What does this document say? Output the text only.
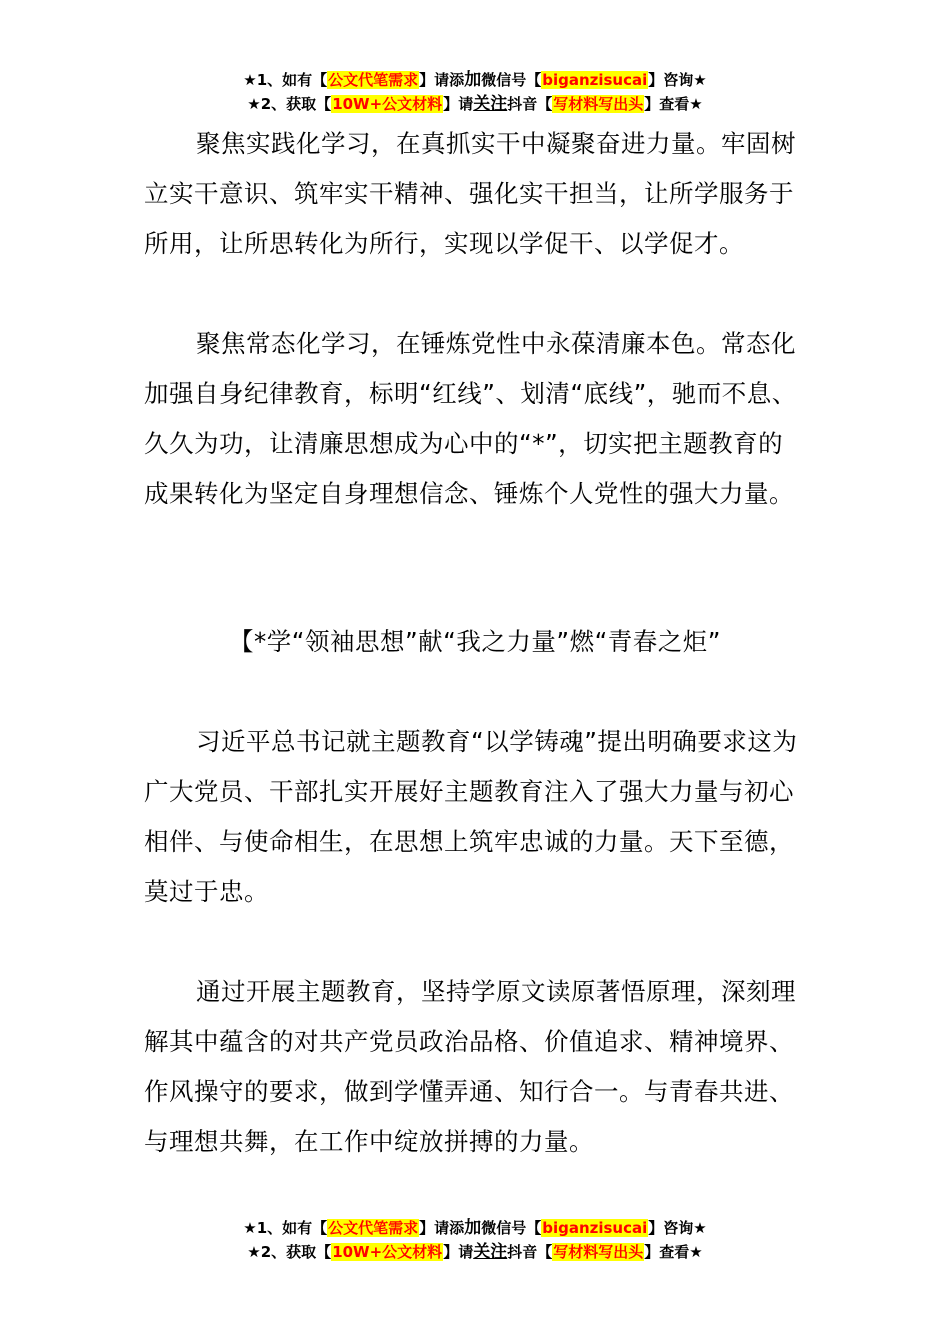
★1、如有【公文代笔需求】请添加微信号【biganzisucai】咨询★
★2、获取【10W+公文材料】请关注抖音【写材料写出头】查看★
聚焦实践化学习，在真抓实干中凝聚奋进力量。牢固树立实干意识、筑牢实干精神、强化实干担当，让所学服务于所用，让所思转化为所行，实现以学促干、以学促才。
聚焦常态化学习，在锤炼党性中永葆清廉本色。常态化加强自身纪律教育，标明“红线”、划清“底线”，驰而不息、久久为功，让清廉思想成为心中的“*”，切实把主题教育的成果转化为坚定自身理想信念、锤炼个人党性的强大力量。
【*学“领袖思想”献“我之力量”燃“青春之炬”
习近平总书记就主题教育“以学铸魂”提出明确要求这为广大党员、干部扎实开展好主题教育注入了强大力量与初心相伴、与使命相生，在思想上筑牢忠诚的力量。天下至德，莫过于忠。
通过开展主题教育，坚持学原文读原著悟原理，深刻理解其中蕴含的对共产党员政治品格、价值追求、精神境界、作风操守的要求，做到学懂弄通、知行合一。与青春共进、与理想共舞，在工作中绽放拼搏的力量。
★1、如有【公文代笔需求】请添加微信号【biganzisucai】咨询★
★2、获取【10W+公文材料】请关注抖音【写材料写出头】查看★
